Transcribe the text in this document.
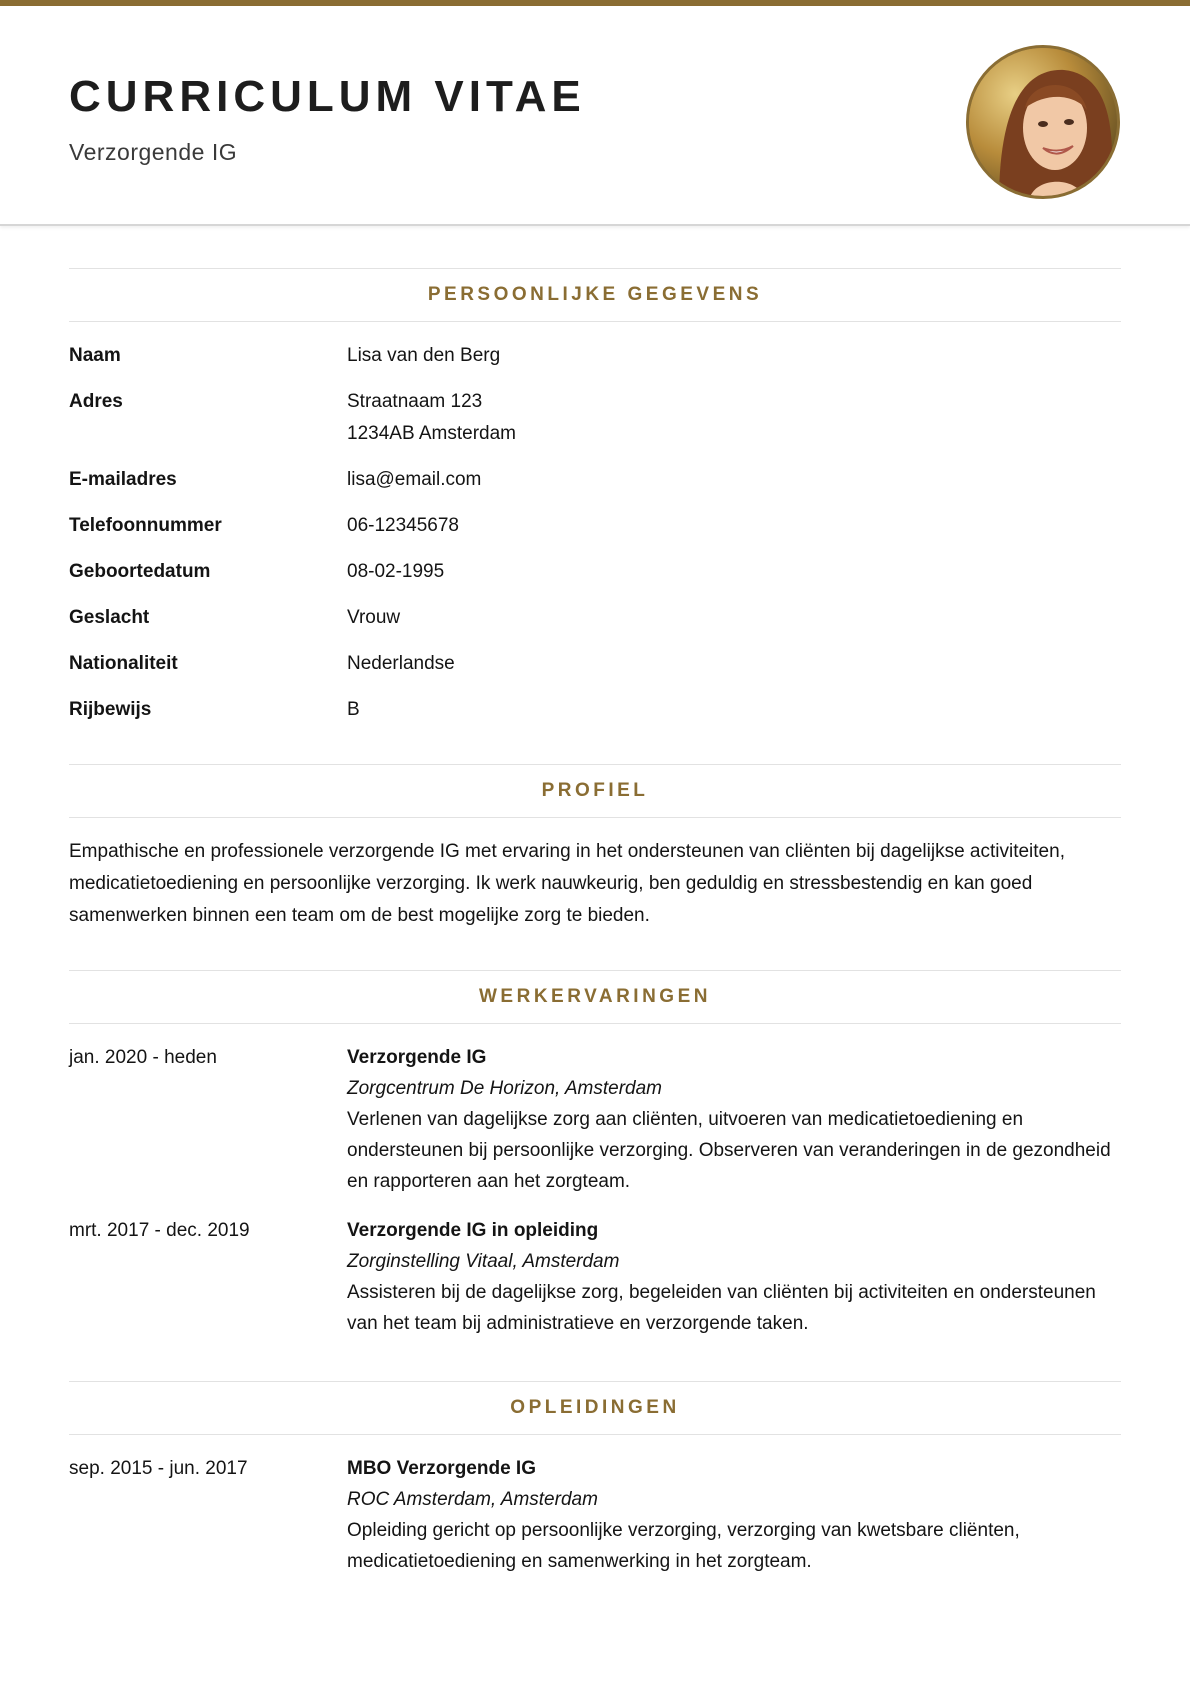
CURRICULUM VITAE
Verzorgende IG
PERSOONLIJKE GEGEVENS
Naam	Lisa van den Berg
Adres	Straatnaam 123
1234AB Amsterdam
E-mailadres	lisa@email.com
Telefoonnummer	06-12345678
Geboortedatum	08-02-1995
Geslacht	Vrouw
Nationaliteit	Nederlandse
Rijbewijs	B
PROFIEL
Empathische en professionele verzorgende IG met ervaring in het ondersteunen van cliënten bij dagelijkse activiteiten, medicatietoediening en persoonlijke verzorging. Ik werk nauwkeurig, ben geduldig en stressbestendig en kan goed samenwerken binnen een team om de best mogelijke zorg te bieden.
WERKERVARINGEN
jan. 2020 - heden	Verzorgende IG
Zorgcentrum De Horizon, Amsterdam
Verlenen van dagelijkse zorg aan cliënten, uitvoeren van medicatietoediening en ondersteunen bij persoonlijke verzorging. Observeren van veranderingen in de gezondheid en rapporteren aan het zorgteam.
mrt. 2017 - dec. 2019	Verzorgende IG in opleiding
Zorginstelling Vitaal, Amsterdam
Assisteren bij de dagelijkse zorg, begeleiden van cliënten bij activiteiten en ondersteunen van het team bij administratieve en verzorgende taken.
OPLEIDINGEN
sep. 2015 - jun. 2017	MBO Verzorgende IG
ROC Amsterdam, Amsterdam
Opleiding gericht op persoonlijke verzorging, verzorging van kwetsbare cliënten, medicatietoediening en samenwerking in het zorgteam.
